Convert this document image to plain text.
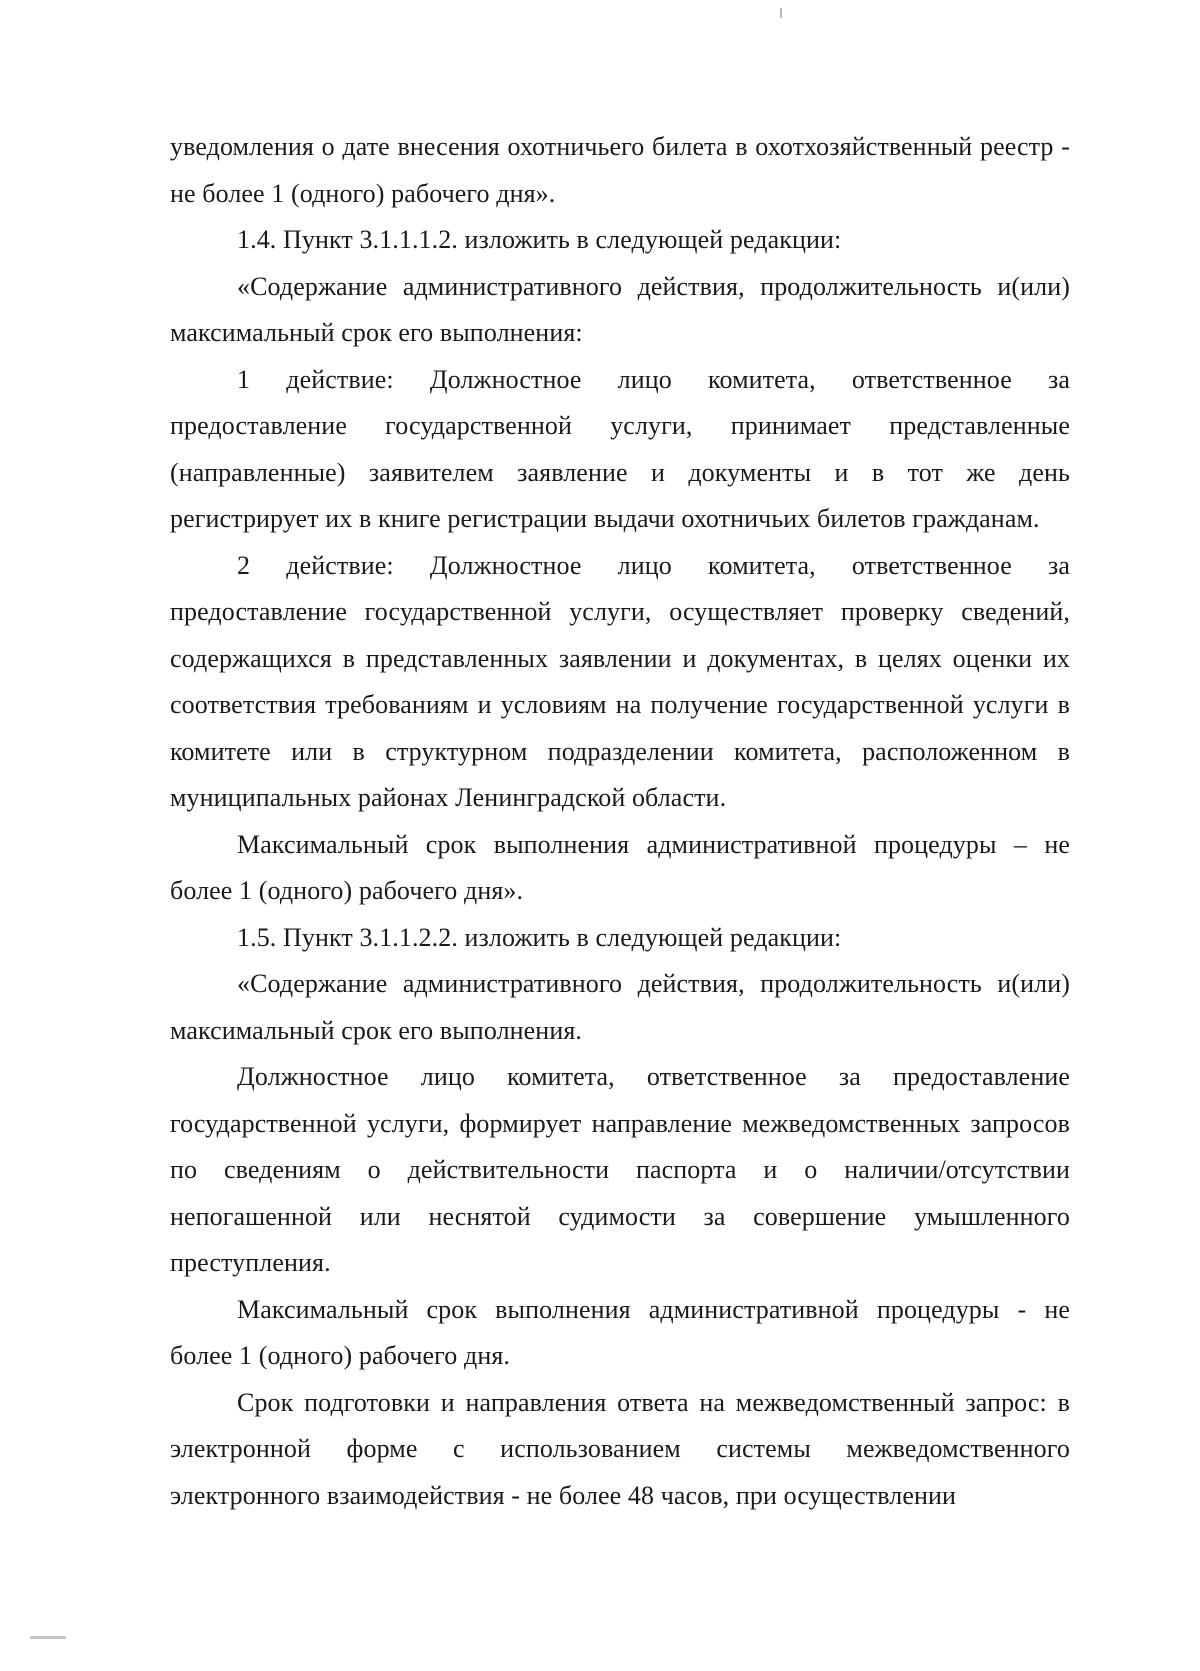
уведомления о дате внесения охотничьего билета в охотхозяйственный реестр - не более 1 (одного) рабочего дня».

1.4. Пункт 3.1.1.1.2. изложить в следующей редакции:

«Содержание административного действия, продолжительность и(или) максимальный срок его выполнения:

1 действие: Должностное лицо комитета, ответственное за предоставление государственной услуги, принимает представленные (направленные) заявителем заявление и документы и в тот же день регистрирует их в книге регистрации выдачи охотничьих билетов гражданам.

2 действие: Должностное лицо комитета, ответственное за предоставление государственной услуги, осуществляет проверку сведений, содержащихся в представленных заявлении и документах, в целях оценки их соответствия требованиям и условиям на получение государственной услуги в комитете или в структурном подразделении комитета, расположенном в муниципальных районах Ленинградской области.

Максимальный срок выполнения административной процедуры – не более 1 (одного) рабочего дня».

1.5. Пункт 3.1.1.2.2. изложить в следующей редакции:

«Содержание административного действия, продолжительность и(или) максимальный срок его выполнения.

Должностное лицо комитета, ответственное за предоставление государственной услуги, формирует направление межведомственных запросов по сведениям о действительности паспорта и о наличии/отсутствии непогашенной или неснятой судимости за совершение умышленного преступления.

Максимальный срок выполнения административной процедуры - не более 1 (одного) рабочего дня.

Срок подготовки и направления ответа на межведомственный запрос: в электронной форме с использованием системы межведомственного электронного взаимодействия - не более 48 часов, при осуществлении
